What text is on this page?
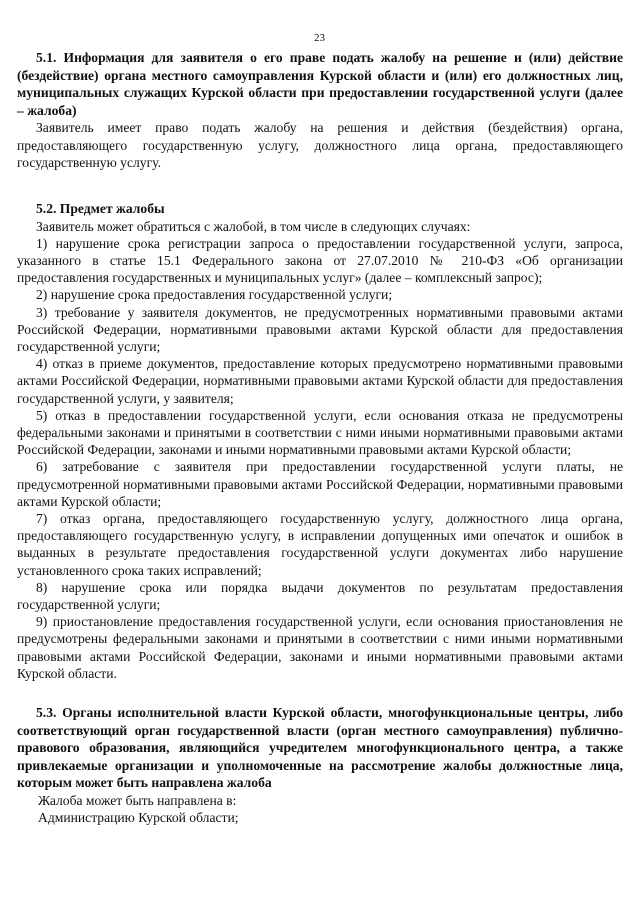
23
5.1. Информация для заявителя о его праве подать жалобу на решение и (или) действие (бездействие) органа местного самоуправления Курской области и (или) его должностных лиц, муниципальных служащих Курской области при предоставлении государственной услуги (далее – жалоба)

Заявитель имеет право подать жалобу на решения и действия (бездействия) органа, предоставляющего государственную услугу, должностного лица органа, предоставляющего государственную услугу.

5.2. Предмет жалобы

Заявитель может обратиться с жалобой, в том числе в следующих случаях:

1) нарушение срока регистрации запроса о предоставлении государственной услуги, запроса, указанного в статье 15.1 Федерального закона от 27.07.2010 № 210-ФЗ «Об организации предоставления государственных и муниципальных услуг» (далее – комплексный запрос);

2) нарушение срока предоставления государственной услуги;

3) требование у заявителя документов, не предусмотренных нормативными правовыми актами Российской Федерации, нормативными правовыми актами Курской области для предоставления государственной услуги;

4) отказ в приеме документов, предоставление которых предусмотрено нормативными правовыми актами Российской Федерации, нормативными правовыми актами Курской области для предоставления государственной услуги, у заявителя;

5) отказ в предоставлении государственной услуги, если основания отказа не предусмотрены федеральными законами и принятыми в соответствии с ними иными нормативными правовыми актами Российской Федерации, законами и иными нормативными правовыми актами Курской области;

6) затребование с заявителя при предоставлении государственной услуги платы, не предусмотренной нормативными правовыми актами Российской Федерации, нормативными правовыми актами Курской области;

7) отказ органа, предоставляющего государственную услугу, должностного лица органа, предоставляющего государственную услугу, в исправлении допущенных ими опечаток и ошибок в выданных в результате предоставления государственной услуги документах либо нарушение установленного срока таких исправлений;

8) нарушение срока или порядка выдачи документов по результатам предоставления государственной услуги;

9) приостановление предоставления государственной услуги, если основания приостановления не предусмотрены федеральными законами и принятыми в соответствии с ними иными нормативными правовыми актами Российской Федерации, законами и иными нормативными правовыми актами Курской области.

5.3. Органы исполнительной власти Курской области, многофункциональные центры, либо соответствующий орган государственной власти (орган местного самоуправления) публично-правового образования, являющийся учредителем многофункционального центра, а также привлекаемые организации и уполномоченные на рассмотрение жалобы должностные лица, которым может быть направлена жалоба

Жалоба может быть направлена в:

Администрацию Курской области;
